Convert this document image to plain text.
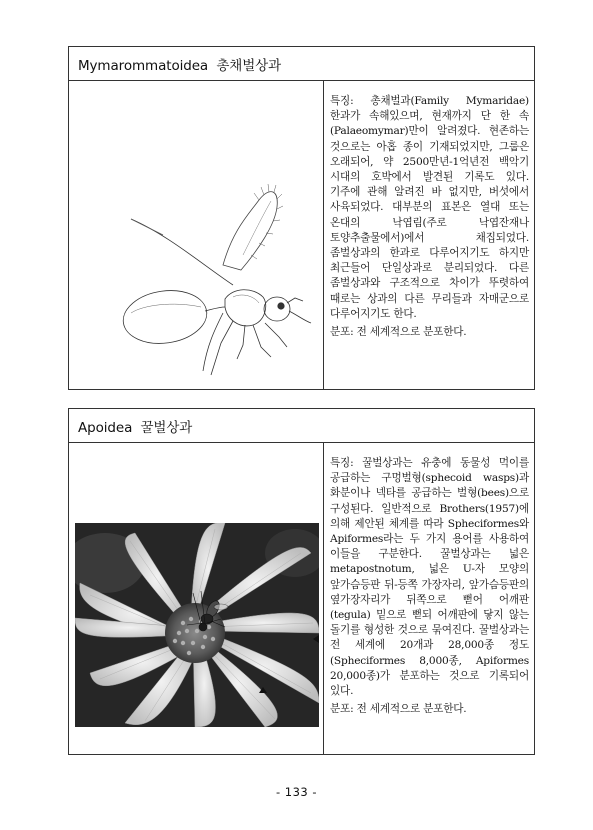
Mymarommatoidea 총채벌상과

특징: 총채벌과(Family Mymaridae) 한과가 속해있으며, 현재까지 단 한 속(Palaeomymar)만이 알려졌다. 현존하는 것으로는 아홉 종이 기재되었지만, 그룹은 오래되어, 약 2500만년-1억년전 백악기 시대의 호박에서 발견된 기록도 있다. 기주에 관해 알려진 바 없지만, 버섯에서 사육되었다. 대부분의 표본은 열대 또는 온대의 낙엽림(주로 낙엽잔재나 토양추출물에서)에서 채집되었다. 좀벌상과의 한과로 다루어지기도 하지만 최근들어 단일상과로 분리되었다. 다른 좀벌상과와 구조적으로 차이가 뚜렷하여 때로는 상과의 다른 무리들과 자매군으로 다루어지기도 한다.

분포: 전 세계적으로 분포한다.

Apoidea 꿀벌상과

특징: 꿀벌상과는 유충에 동물성 먹이를 공급하는 구멍벌형(sphecoid wasps)과 화분이나 넥타를 공급하는 벌형(bees)으로 구성된다. 일반적으로 Brothers(1957)에 의해 제안된 체계를 따라 Spheciformes와 Apiformes라는 두 가지 용어를 사용하여 이들을 구분한다. 꿀벌상과는 넓은 metapostnotum, 넓은 U-자 모양의 앞가슴등판 뒤-등쪽 가장자리, 앞가슴등판의 옆가장자리가 뒤쪽으로 뻗어 어깨판(tegula) 밑으로 뻗되 어깨판에 닿지 않는 돌기를 형성한 것으로 묶여진다. 꿀벌상과는 전 세계에 20개과 28,000종 정도(Spheciformes 8,000종, Apiformes 20,000종)가 분포하는 것으로 기록되어 있다.

분포: 전 세계적으로 분포한다.

- 133 -
